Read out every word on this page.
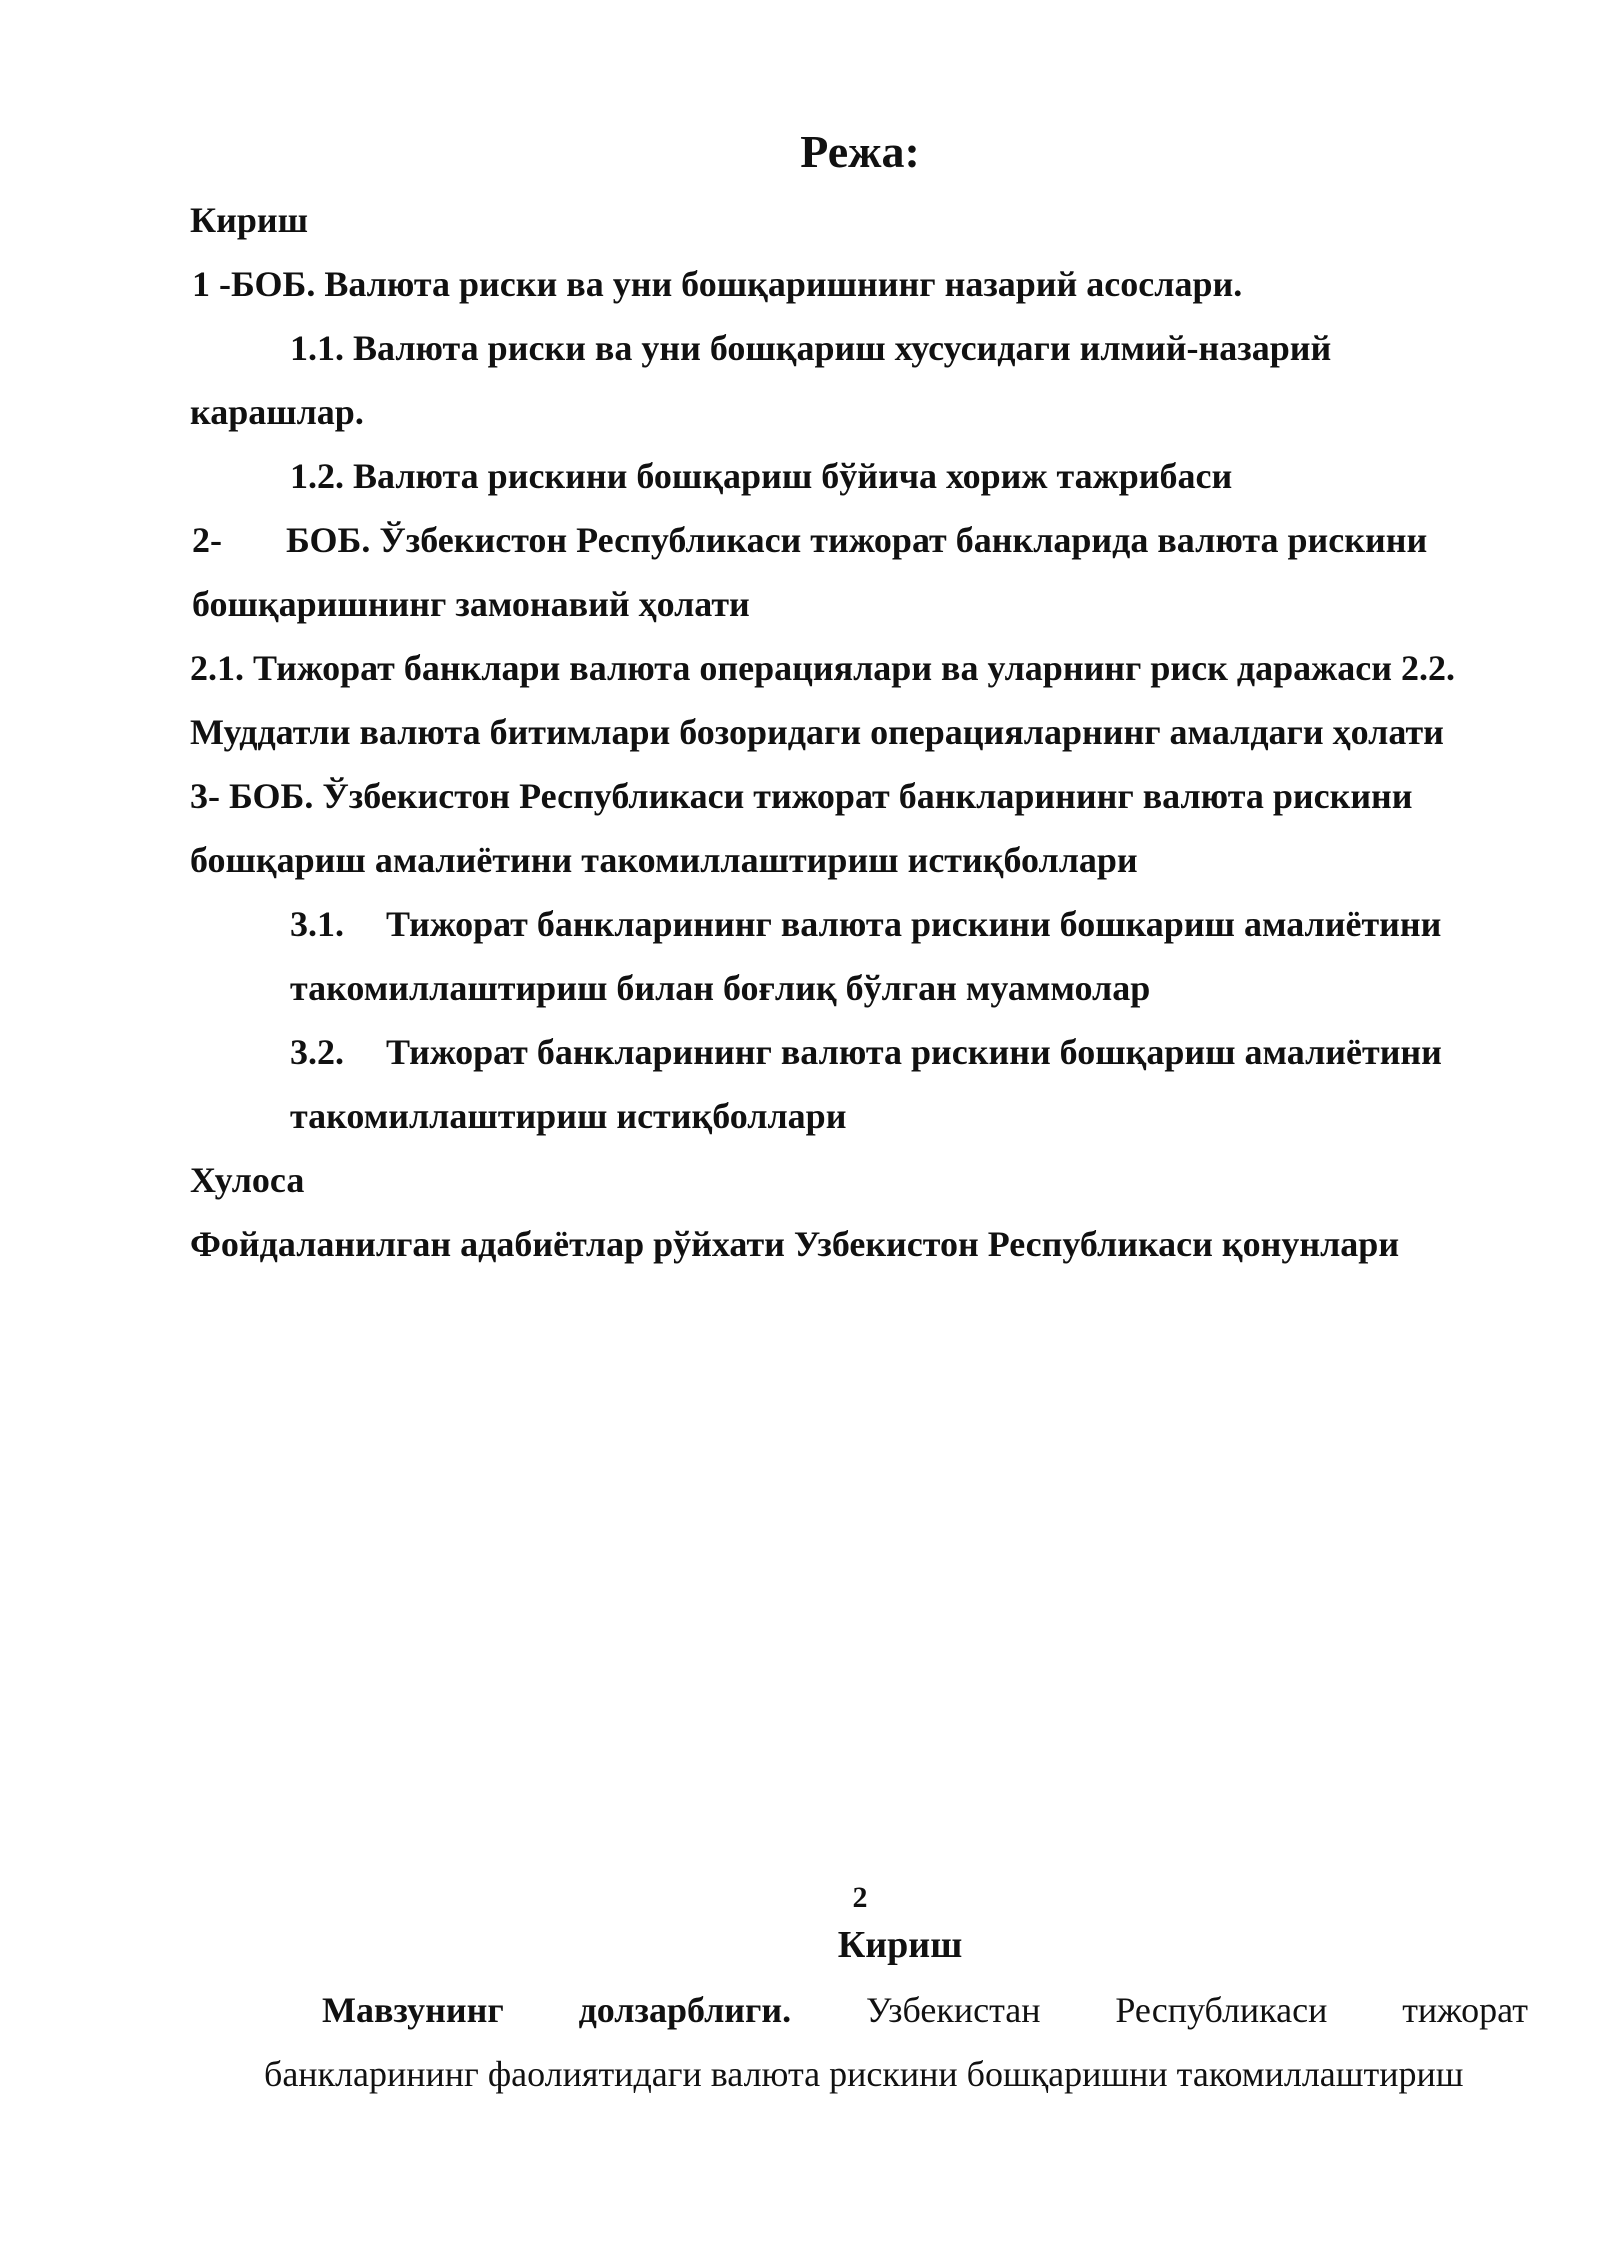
Режа:
Кириш
1 -БОБ. Валюта риски ва уни бошқаришнинг назарий асослари.
1.1. Валюта риски ва уни бошқариш хусусидаги илмий-назарий
карашлар.
1.2. Валюта рискини бошқариш бўйича хориж тажрибаси
2- БОБ. Ўзбекистон Республикаси тижорат банкларида валюта рискини
бошқаришнинг замонавий ҳолати
2.1. Тижорат банклари валюта операциялари ва уларнинг риск даражаси 2.2.
Муддатли валюта битимлари бозоридаги операцияларнинг амалдаги ҳолати
3- БОБ. Ўзбекистон Республикаси тижорат банкларининг валюта рискини
бошқариш амалиётини такомиллаштириш истиқболлари
3.1. Тижорат банкларининг валюта рискини бошкариш амалиётини
такомиллаштириш билан боғлиқ бўлган муаммолар
3.2. Тижорат банкларининг валюта рискини бошқариш амалиётини
такомиллаштириш истиқболлари
Хулоса
Фойдаланилган адабиётлар рўйхати Узбекистон Республикаси қонунлари
2
Кириш
Мавзунинг долзарблиги. Узбекистан Республикаси тижорат
банкларининг фаолиятидаги валюта рискини бошқаришни такомиллаштириш
